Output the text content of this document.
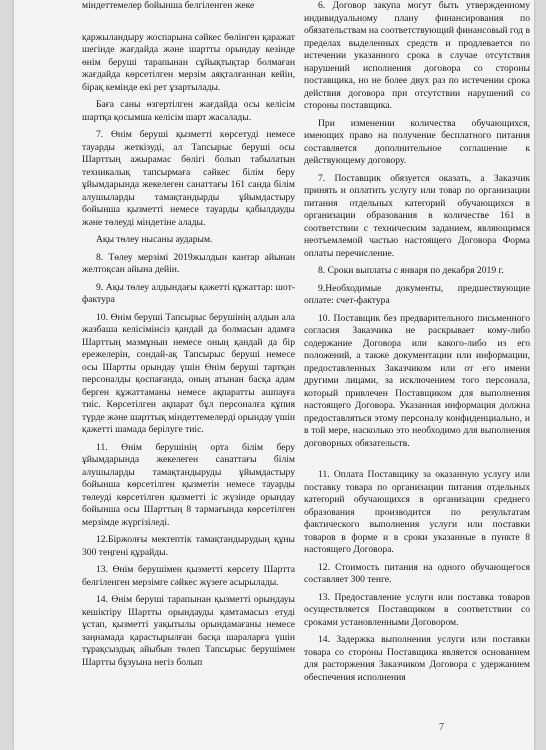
міндеттемелер бойынша белгіленген жеке

қаржыландыру жоспарына сәйкес бөлінген қаражат шегінде жағдайда және шартты орындау кезінде өнім беруші тарапынан сұйықтықтар болмаған жағдайда көрсетілген мерзім аяқталғаннан кейін, бірақ кемінде екі рет ұзартылады.

Баға саны өзгертілген жағдайда осы келісім шартқа қосымша келісім шарт жасалады.

7. Өнім беруші қызметті көрсетуді немесе тауарды жеткізуді, ал Тапсырыс беруші осы Шарттың ажырамас бөлігі болып табылатын техникалық тапсырмаға сәйкес білім беру ұйымдарында жекелеген санаттағы 161 санда білім алушыларды тамақтандырды ұйымдастыру бойынша қызметті немесе тауарды қабылдауды және төлеуді міндетіне алады.

Ақы төлеу нысаны аударым.

8. Төлеу мерзімі 2019жылдын кантар айынан желтоқсан айына дейін.

9. Ақы төлеу алдындағы қажетті құжаттар: шот-фактура

10. Өнім беруші Тапсырыс берушінің алдын ала жазбаша келісімінсіз қандай да болмасын адамға Шарттың мазмұнын немесе оның қандай да бір ережелерін, сондай-ақ Тапсырыс беруші немесе осы Шартты орындау үшін Өнім беруші тартқан персоналды қоспағанда, оның атынан басқа адам берген құжаттаманы немесе ақпаратты ашпауға тиіс. Көрсетілген ақпарат бұл персоналға құпия түрде және шарттық міндеттемелерді орындау үшін қажетті шамада берілуге тиіс.

11. Өнім берушінің орта білім беру ұйымдарында жекелеген санаттағы білім алушыларды тамақтандыруды ұйымдастыру бойынша көрсетілген қызметін немесе тауарды төлеуді көрсетілген қызметті іс жүзінде орындау бойынша осы Шарттың 8 тармағында көрсетілген мерзімде жүргізіледі.

12.Біржолғы мектептік тамақтандырудың құны 300 теңгені құрайды.

13. Өнім берушімен қызметті көрсету Шартта белгіленген мерзімге сәйкес жүзеге асырылады.

14. Өнім беруші тарапынан қызметті орындауы кешіктіру Шартты орындауды қамтамасыз етуді ұстап, қызметті уақытылы орындамағаны немесе заңнамада қарастырылған басқа шараларға үшін тұрақсыздық айыбын төлеп Тапсырыс берушімен Шартты бұзуына негіз болып

6. Договор закупа могут быть утвержденному индивидуальному плану финансирования по обязательствам на соответствующий финансовый год в пределах выделенных средств и продлевается по истечении указанного срока в случае отсутствия нарушений исполнения договора со стороны поставщика, но не более двух раз по истечении срока действия договора при отсутствии нарушений со стороны поставщика.

При изменении количества обучающихся, имеющих право на получение бесплатного питания составляется дополнительное соглашение к действующему договору.

7. Поставщик обязуется оказать, а Заказчик принять и оплатить услугу или товар по организации питания отдельных категорий обучающихся в организации образования в количестве 161 в соответствии с техническим заданием, являющимся неотъемлемой частью настоящего Договора Форма оплаты перечисление.

8. Сроки выплаты с января по декабря 2019 г.

9.Необходимые документы, предшествующие оплате: счет-фактура

10. Поставщик без предварительного письменного согласия Заказчика не раскрывает кому-либо содержание Договора или какого-либо из его положений, а также документации или информации, предоставленных Заказчиком или от его имени другими лицами, за исключением того персонала, который привлечен Поставщиком для выполнения настоящего Договора. Указанная информация должна предоставляться этому персоналу конфиденциально, и в той мере, насколько это необходимо для выполнения договорных обязательств.

11. Оплата Поставщику за оказанную услугу или поставку товара по организации питания отдельных категорий обучающихся в организации среднего образования производится по результатам фактического выполнения услуги или поставки товаров в форме и в сроки указанные в пункте 8 настоящего Договора.

12. Стоимость питания на одного обучающегося составляет 300 тенге.

13. Предоставление услуги или поставка товаров осуществляется Поставщиком в соответствии со сроками установленными Договором.

14. Задержка выполнения услуги или поставки товара со стороны Поставщика является основанием для расторжения Заказчиком Договора с удержанием обеспечения исполнения

7
